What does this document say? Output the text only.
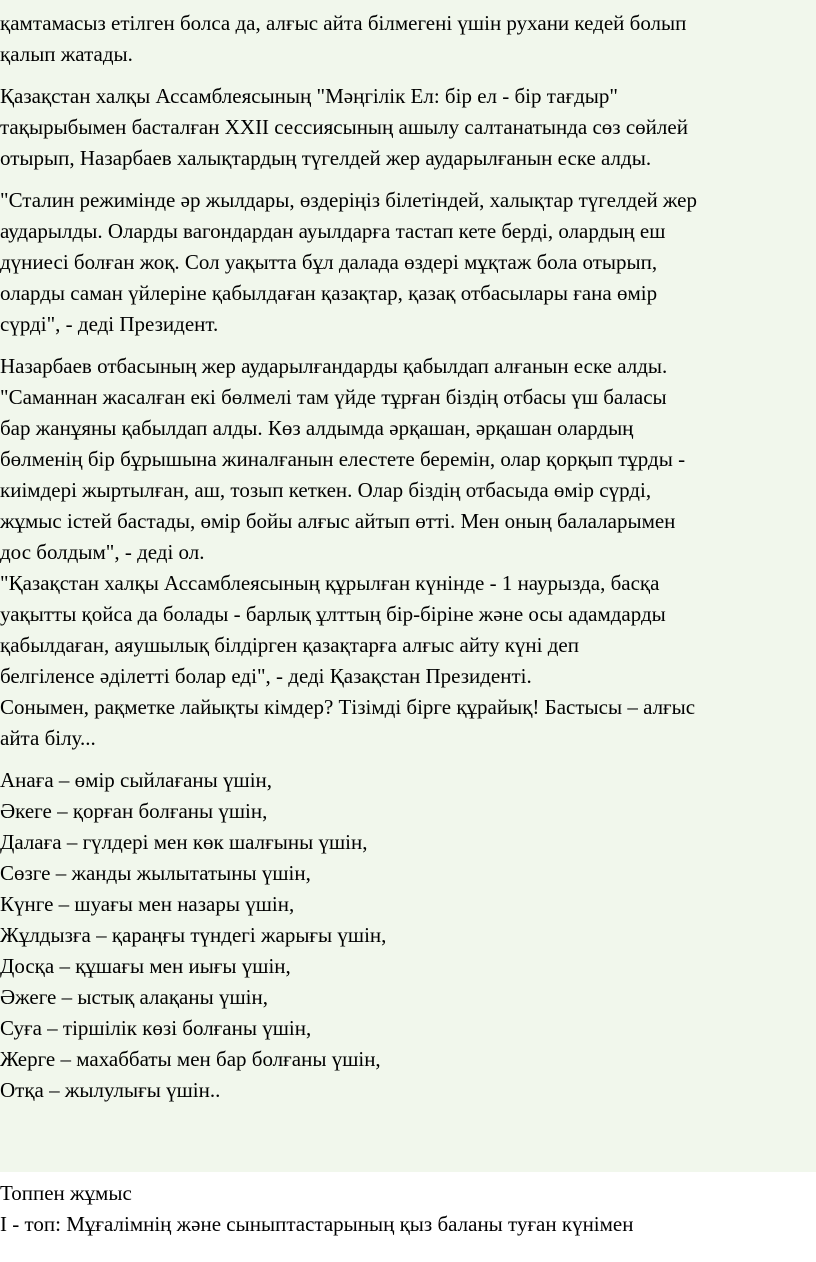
қамтамасыз етілген болса да, алғыс айта білмегені үшін рухани кедей болып
қалып жатады.
Қазақстан халқы Ассамблеясының "Мәңгілік Ел: бір ел - бір тағдыр"
тақырыбымен басталған XXII сессиясының ашылу салтанатында сөз сөйлей
отырып, Назарбаев халықтардың түгелдей жер аударылғанын еске алды.
"Сталин режимінде әр жылдары, өздеріңіз білетіндей, халықтар түгелдей жер
аударылды. Оларды вагондардан ауылдарға тастап кете берді, олардың еш
дүниесі болған жоқ. Сол уақытта бұл далада өздері мұқтаж бола отырып,
оларды саман үйлеріне қабылдаған қазақтар, қазақ отбасылары ғана өмір
сүрді", - деді Президент.
Назарбаев отбасының жер аударылғандарды қабылдап алғанын еске алды.
"Саманнан жасалған екі бөлмелі там үйде тұрған біздің отбасы үш баласы
бар жанұяны қабылдап алды. Көз алдымда әрқашан, әрқашан олардың
бөлменің бір бұрышына жиналғанын елестете беремін, олар қорқып тұрды -
киімдері жыртылған, аш, тозып кеткен. Олар біздің отбасыда өмір сүрді,
жұмыс істей бастады, өмір бойы алғыс айтып өтті. Мен оның балаларымен
дос болдым", - деді ол.
"Қазақстан халқы Ассамблеясының құрылған күнінде - 1 наурызда, басқа
уақытты қойса да болады - барлық ұлттың бір-біріне және осы адамдарды
қабылдаған, аяушылық білдірген қазақтарға алғыс айту күні деп
белгіленсе әділетті болар еді", - деді Қазақстан Президенті.
Сонымен, рақметке лайықты кімдер? Тізімді бірге құрайық! Бастысы – алғыс
айта білу...
Анаға – өмір сыйлағаны үшін,
Әкеге – қорған болғаны үшін,
Далаға – гүлдері мен көк шалғыны үшін,
Сөзге – жанды жылытатыны үшін,
Күнге – шуағы мен назары үшін,
Жұлдызға – қараңғы түндегі жарығы үшін,
Досқа – құшағы мен иығы үшін,
Әжеге – ыстық алақаны үшін,
Суға – тіршілік көзі болғаны үшін,
Жерге – махаббаты мен бар болғаны үшін,
Отқа – жылулығы үшін..
Топпен жұмыс
І - топ: Мұғалімнің және сыныптастарының қыз баланы туған күнімен
